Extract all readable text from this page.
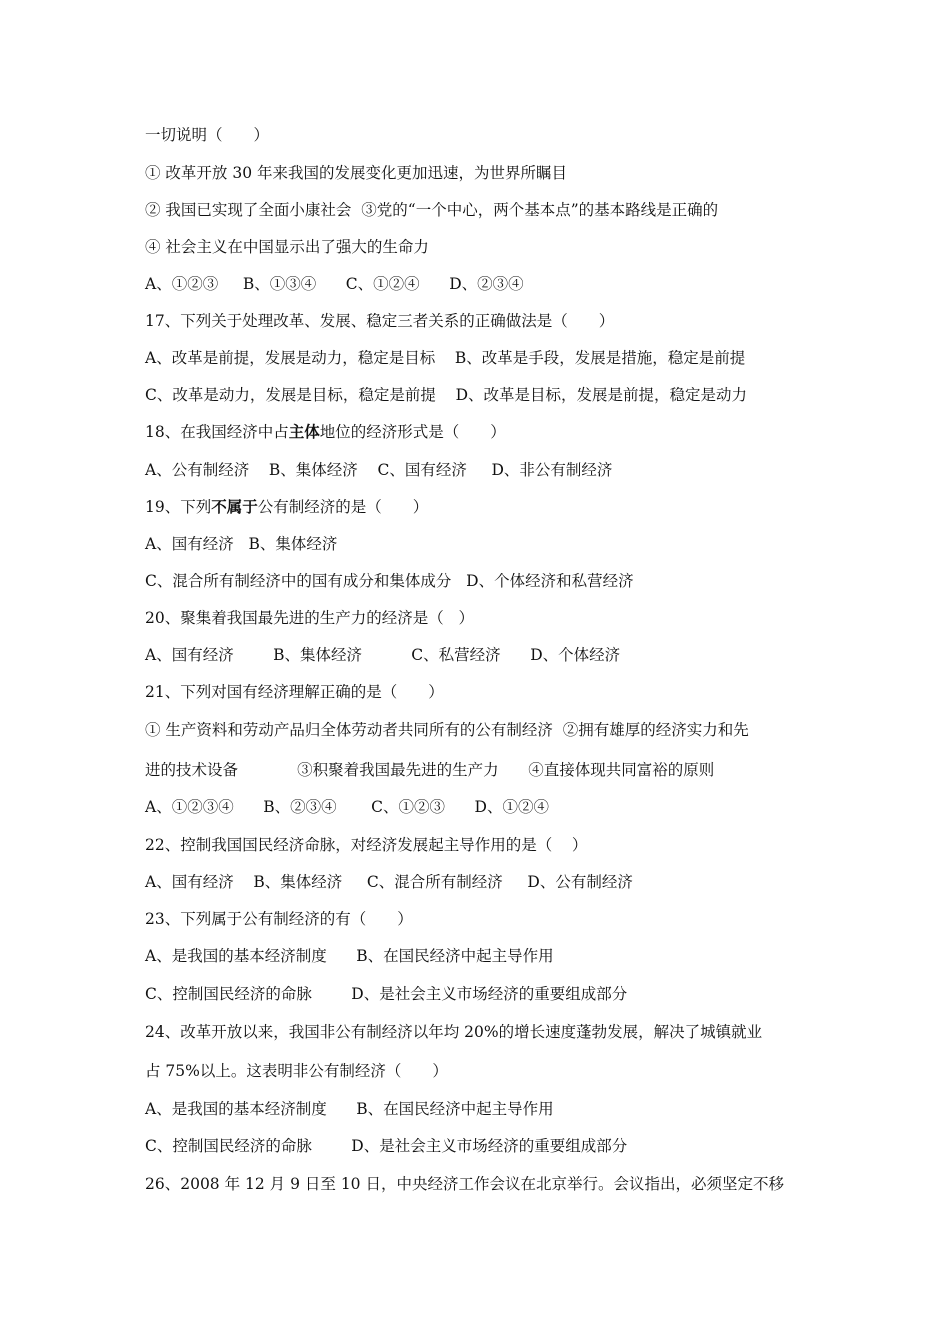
一切说明（　　）
① 改革开放 30 年来我国的发展变化更加迅速，为世界所瞩目
② 我国已实现了全面小康社会  ③党的“一个中心，两个基本点”的基本路线是正确的
④ 社会主义在中国显示出了强大的生命力
A、①②③     B、①③④      C、①②④      D、②③④
17、下列关于处理改革、发展、稳定三者关系的正确做法是（　　）
A、改革是前提，发展是动力，稳定是目标    B、改革是手段，发展是措施，稳定是前提
C、改革是动力，发展是目标，稳定是前提    D、改革是目标，发展是前提，稳定是动力
18、在我国经济中占主体地位的经济形式是（　　）
A、公有制经济    B、集体经济    C、国有经济     D、非公有制经济
19、下列不属于公有制经济的是（　　）
A、国有经济   B、集体经济
C、混合所有制经济中的国有成分和集体成分   D、个体经济和私营经济
20、聚集着我国最先进的生产力的经济是（   ）
A、国有经济        B、集体经济          C、私营经济      D、个体经济
21、下列对国有经济理解正确的是（　　）
① 生产资料和劳动产品归全体劳动者共同所有的公有制经济  ②拥有雄厚的经济实力和先
进的技术设备            ③积聚着我国最先进的生产力      ④直接体现共同富裕的原则
A、①②③④      B、②③④       C、①②③      D、①②④
22、控制我国国民经济命脉，对经济发展起主导作用的是（    ）
A、国有经济    B、集体经济     C、混合所有制经济     D、公有制经济
23、下列属于公有制经济的有（　　）
A、是我国的基本经济制度      B、在国民经济中起主导作用
C、控制国民经济的命脉        D、是社会主义市场经济的重要组成部分
24、改革开放以来，我国非公有制经济以年均 20%的增长速度蓬勃发展，解决了城镇就业
占 75%以上。这表明非公有制经济（　　）
A、是我国的基本经济制度      B、在国民经济中起主导作用
C、控制国民经济的命脉        D、是社会主义市场经济的重要组成部分
26、2008 年 12 月 9 日至 10 日，中央经济工作会议在北京举行。会议指出，必须坚定不移
